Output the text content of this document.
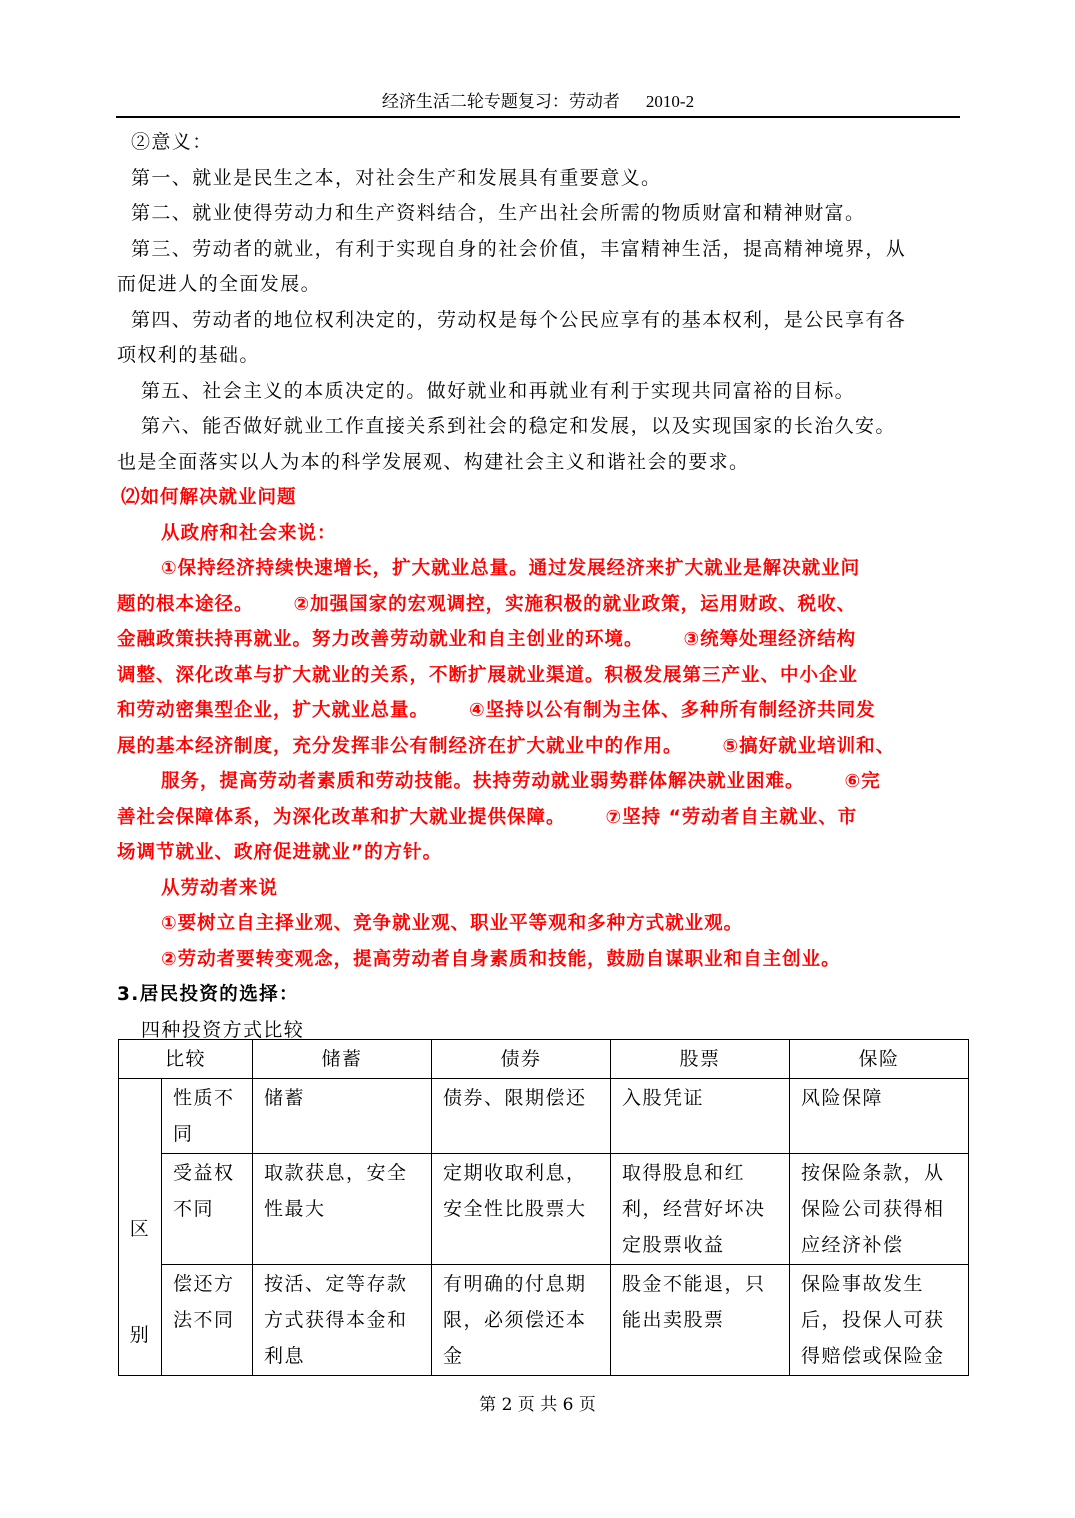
经济生活二轮专题复习：劳动者 2010-2

②意义：

第一、就业是民生之本，对社会生产和发展具有重要意义。

第二、就业使得劳动力和生产资料结合，生产出社会所需的物质财富和精神财富。

第三、劳动者的就业，有利于实现自身的社会价值，丰富精神生活，提高精神境界，从

而促进人的全面发展。

第四、劳动者的地位权利决定的，劳动权是每个公民应享有的基本权利，是公民享有各

项权利的基础。

第五、社会主义的本质决定的。做好就业和再就业有利于实现共同富裕的目标。

第六、能否做好就业工作直接关系到社会的稳定和发展，以及实现国家的长治久安。

也是全面落实以人为本的科学发展观、构建社会主义和谐社会的要求。

⑵如何解决就业问题

从政府和社会来说：

①保持经济持续快速增长，扩大就业总量。通过发展经济来扩大就业是解决就业问

题的根本途径。 ②加强国家的宏观调控，实施积极的就业政策，运用财政、税收、

金融政策扶持再就业。努力改善劳动就业和自主创业的环境。 ③统筹处理经济结构

调整、深化改革与扩大就业的关系，不断扩展就业渠道。积极发展第三产业、中小企业

和劳动密集型企业，扩大就业总量。 ④坚持以公有制为主体、多种所有制经济共同发

展的基本经济制度，充分发挥非公有制经济在扩大就业中的作用。 ⑤搞好就业培训和、

服务，提高劳动者素质和劳动技能。扶持劳动就业弱势群体解决就业困难。 ⑥完

善社会保障体系，为深化改革和扩大就业提供保障。 ⑦坚持 “劳动者自主就业、市

场调节就业、政府促进就业”的方针。

从劳动者来说

①要树立自主择业观、竞争就业观、职业平等观和多种方式就业观。

②劳动者要转变观念，提高劳动者自身素质和技能，鼓励自谋职业和自主创业。

3.居民投资的选择：

四种投资方式比较

比较		储蓄	债券	股票	保险

区
别	性质不同	储蓄	债券、限期偿还	入股凭证	风险保障
	受益权不同	取款获息，安全性最大	定期收取利息，安全性比股票大	取得股息和红利，经营好坏决定股票收益	按保险条款，从保险公司获得相应经济补偿
	偿还方法不同	按活、定等存款方式获得本金和利息	有明确的付息期限，必须偿还本金	股金不能退，只能出卖股票	保险事故发生后，投保人可获得赔偿或保险金
第 2 页 共 6 页
